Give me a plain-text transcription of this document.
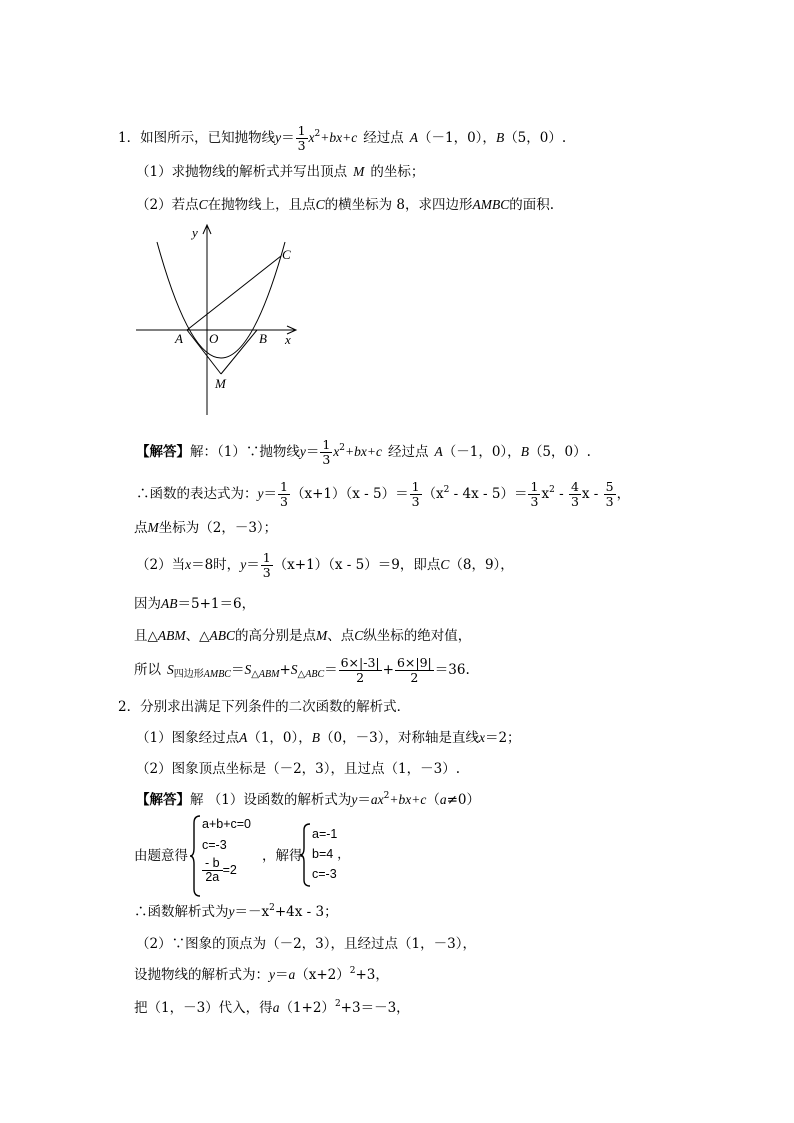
1．如图所示，已知抛物线$y= \frac{1}{3} x^2+bx+c$ 经过点 A（－1，0），B（5，0）.
（1）求抛物线的解析式并写出顶点 M 的坐标；
（2）若点C在抛物线上，且点C的横坐标为 8，求四边形AMBC的面积.
y
x
A O	B
C
M
【解答】解：（1）∵抛物线$y= \frac{1}{3} x^2+bx+c$ 经过点 A（－1，0），B（5，0）.
∴函数的表达式为：$y= \frac{1}{3} (x+1)(x - 5)= \frac{1}{3} (x^2 - 4x - 5)= \frac{1}{3} x^2 - \frac{4}{3}$ x - $\frac{5}{3}$ ，
点M坐标为（2，－3）；
（2）当x＝8时，$y= \frac{1}{3} (x+1)(x - 5)=9$，即点C（8，9），
因为AB＝5+1＝6，
且△ABM、△ABC的高分别是点M、点C纵坐标的绝对值，
所以 $S_{四边形AMBC}=S_{\triangle ABM}+S_{\triangle ABC}= \frac{6\times|-3|}{2} + \frac{6\times|9|}{2} =36$.
2．分别求出满足下列条件的二次函数的解析式．
（1）图象经过点A（1，0），B（0，－3），对称轴是直线x＝2；
（2）图象顶点坐标是（－2，3），且过点（1，－3）.
【解答】解 （1）设函数的解析式为$y=ax^2+bx+c(a\ne 0)$
由题意得
a+b+c=0
c=-3
$\frac{- b}{2a} =2$
，解得
a=-1
b=4 ，
c=-3
∴函数解析式为$y=-x^2+4x - 3$；
（2）∵图象的顶点为（－2，3），且经过点（1，－3），
设抛物线的解析式为：$y=a(x+2)^2+3$，
把（1，－3）代入，得$a(1+2)^2+3=-3$，
